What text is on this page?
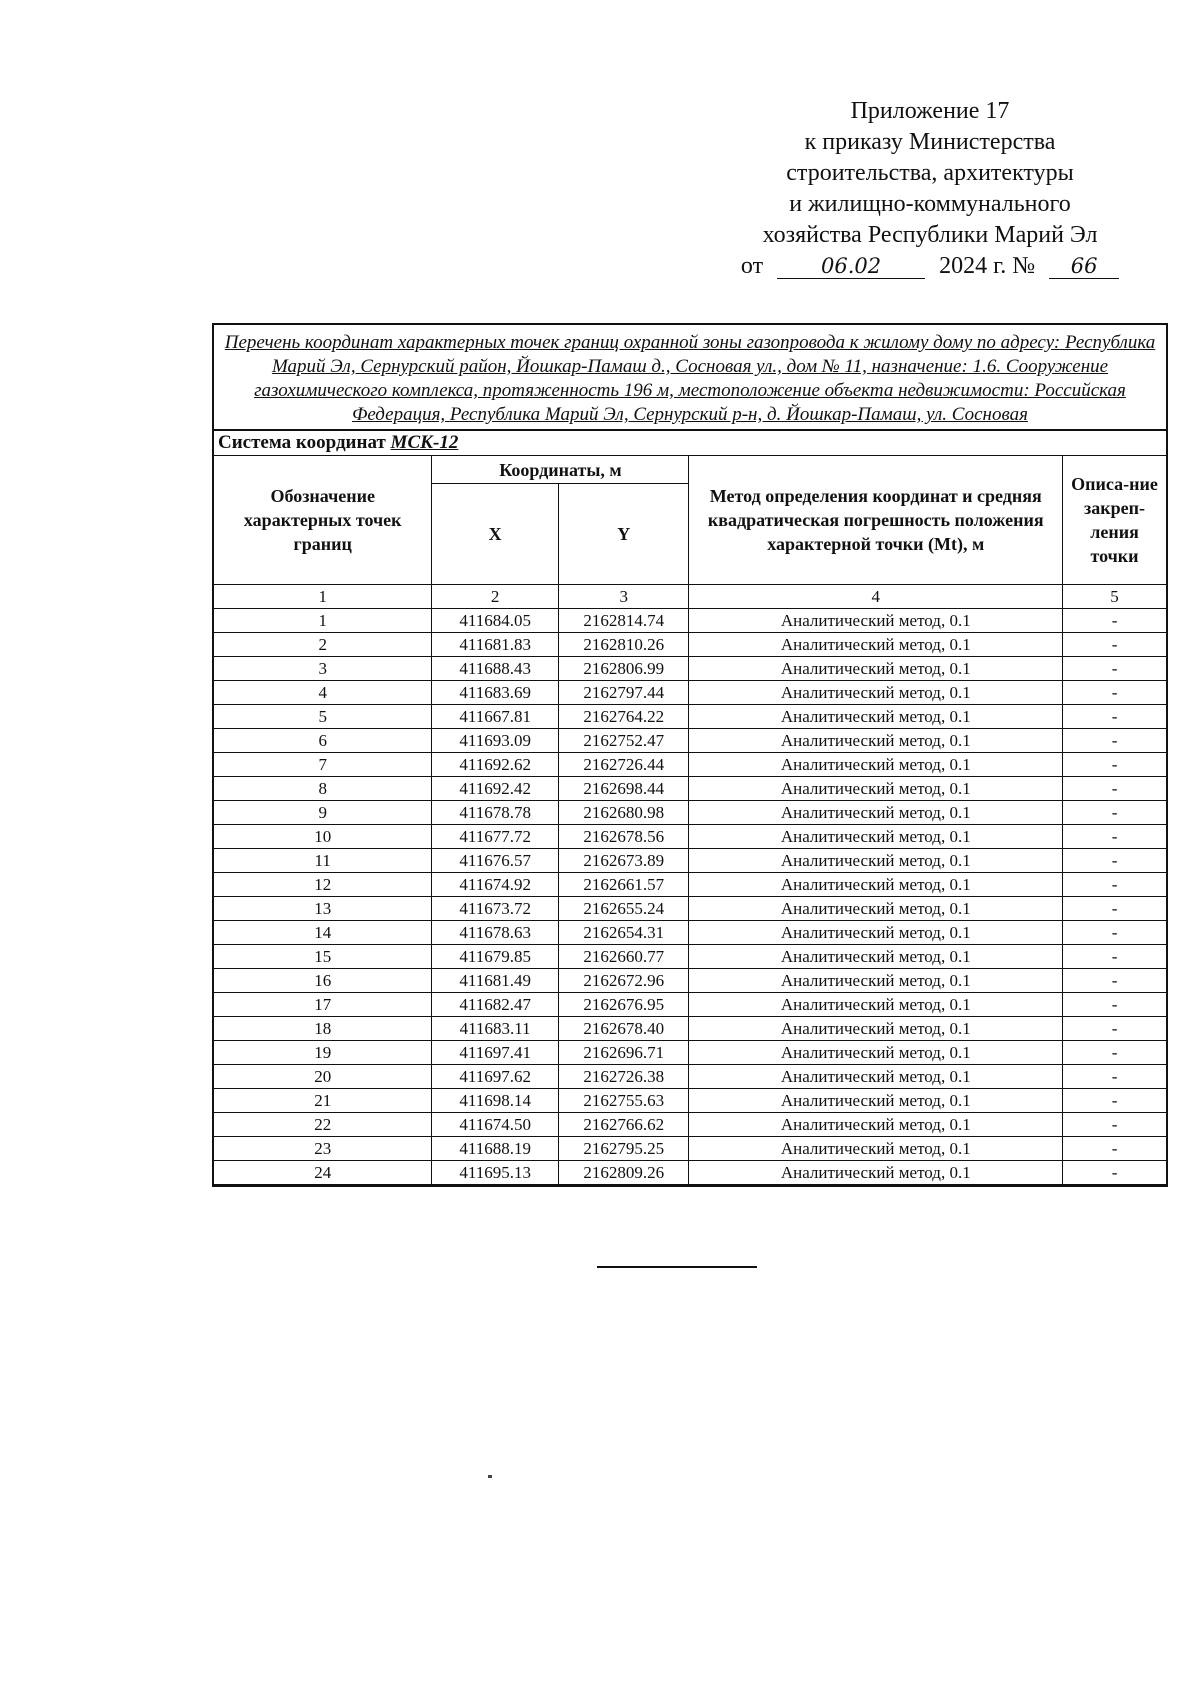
Приложение 17
к приказу Министерства
строительства, архитектуры
и жилищно-коммунального
хозяйства Республики Марий Эл
от	06.02 2024 г. № 66
Перечень координат характерных точек границ охранной зоны газопровода к жилому дому по адресу: Республика Марий Эл, Сернурский район, Йошкар-Памаш д., Сосновая ул., дом № 11, назначение: 1.6. Сооружение газохимического комплекса, протяженность 196 м, местоположение объекта недвижимости: Российская Федерация, Республика Марий Эл, Сернурский р-н, д. Йошкар-Памаш, ул. Сосновая
Система координат МСК-12
Обозначение характерных точек границ	Координаты, м		Метод определения координат и средняя квадратическая погрешность положения характерной точки (Mt), м	Описа-ние закреп-ления точки
	X	Y		
1	2	3	4	5
1	411684.05	2162814.74	Аналитический метод, 0.1	-
2	411681.83	2162810.26	Аналитический метод, 0.1	-
3	411688.43	2162806.99	Аналитический метод, 0.1	-
4	411683.69	2162797.44	Аналитический метод, 0.1	-
5	411667.81	2162764.22	Аналитический метод, 0.1	-
6	411693.09	2162752.47	Аналитический метод, 0.1	-
7	411692.62	2162726.44	Аналитический метод, 0.1	-
8	411692.42	2162698.44	Аналитический метод, 0.1	-
9	411678.78	2162680.98	Аналитический метод, 0.1	-
10	411677.72	2162678.56	Аналитический метод, 0.1	-
11	411676.57	2162673.89	Аналитический метод, 0.1	-
12	411674.92	2162661.57	Аналитический метод, 0.1	-
13	411673.72	2162655.24	Аналитический метод, 0.1	-
14	411678.63	2162654.31	Аналитический метод, 0.1	-
15	411679.85	2162660.77	Аналитический метод, 0.1	-
16	411681.49	2162672.96	Аналитический метод, 0.1	-
17	411682.47	2162676.95	Аналитический метод, 0.1	-
18	411683.11	2162678.40	Аналитический метод, 0.1	-
19	411697.41	2162696.71	Аналитический метод, 0.1	-
20	411697.62	2162726.38	Аналитический метод, 0.1	-
21	411698.14	2162755.63	Аналитический метод, 0.1	-
22	411674.50	2162766.62	Аналитический метод, 0.1	-
23	411688.19	2162795.25	Аналитический метод, 0.1	-
24	411695.13	2162809.26	Аналитический метод, 0.1	-
